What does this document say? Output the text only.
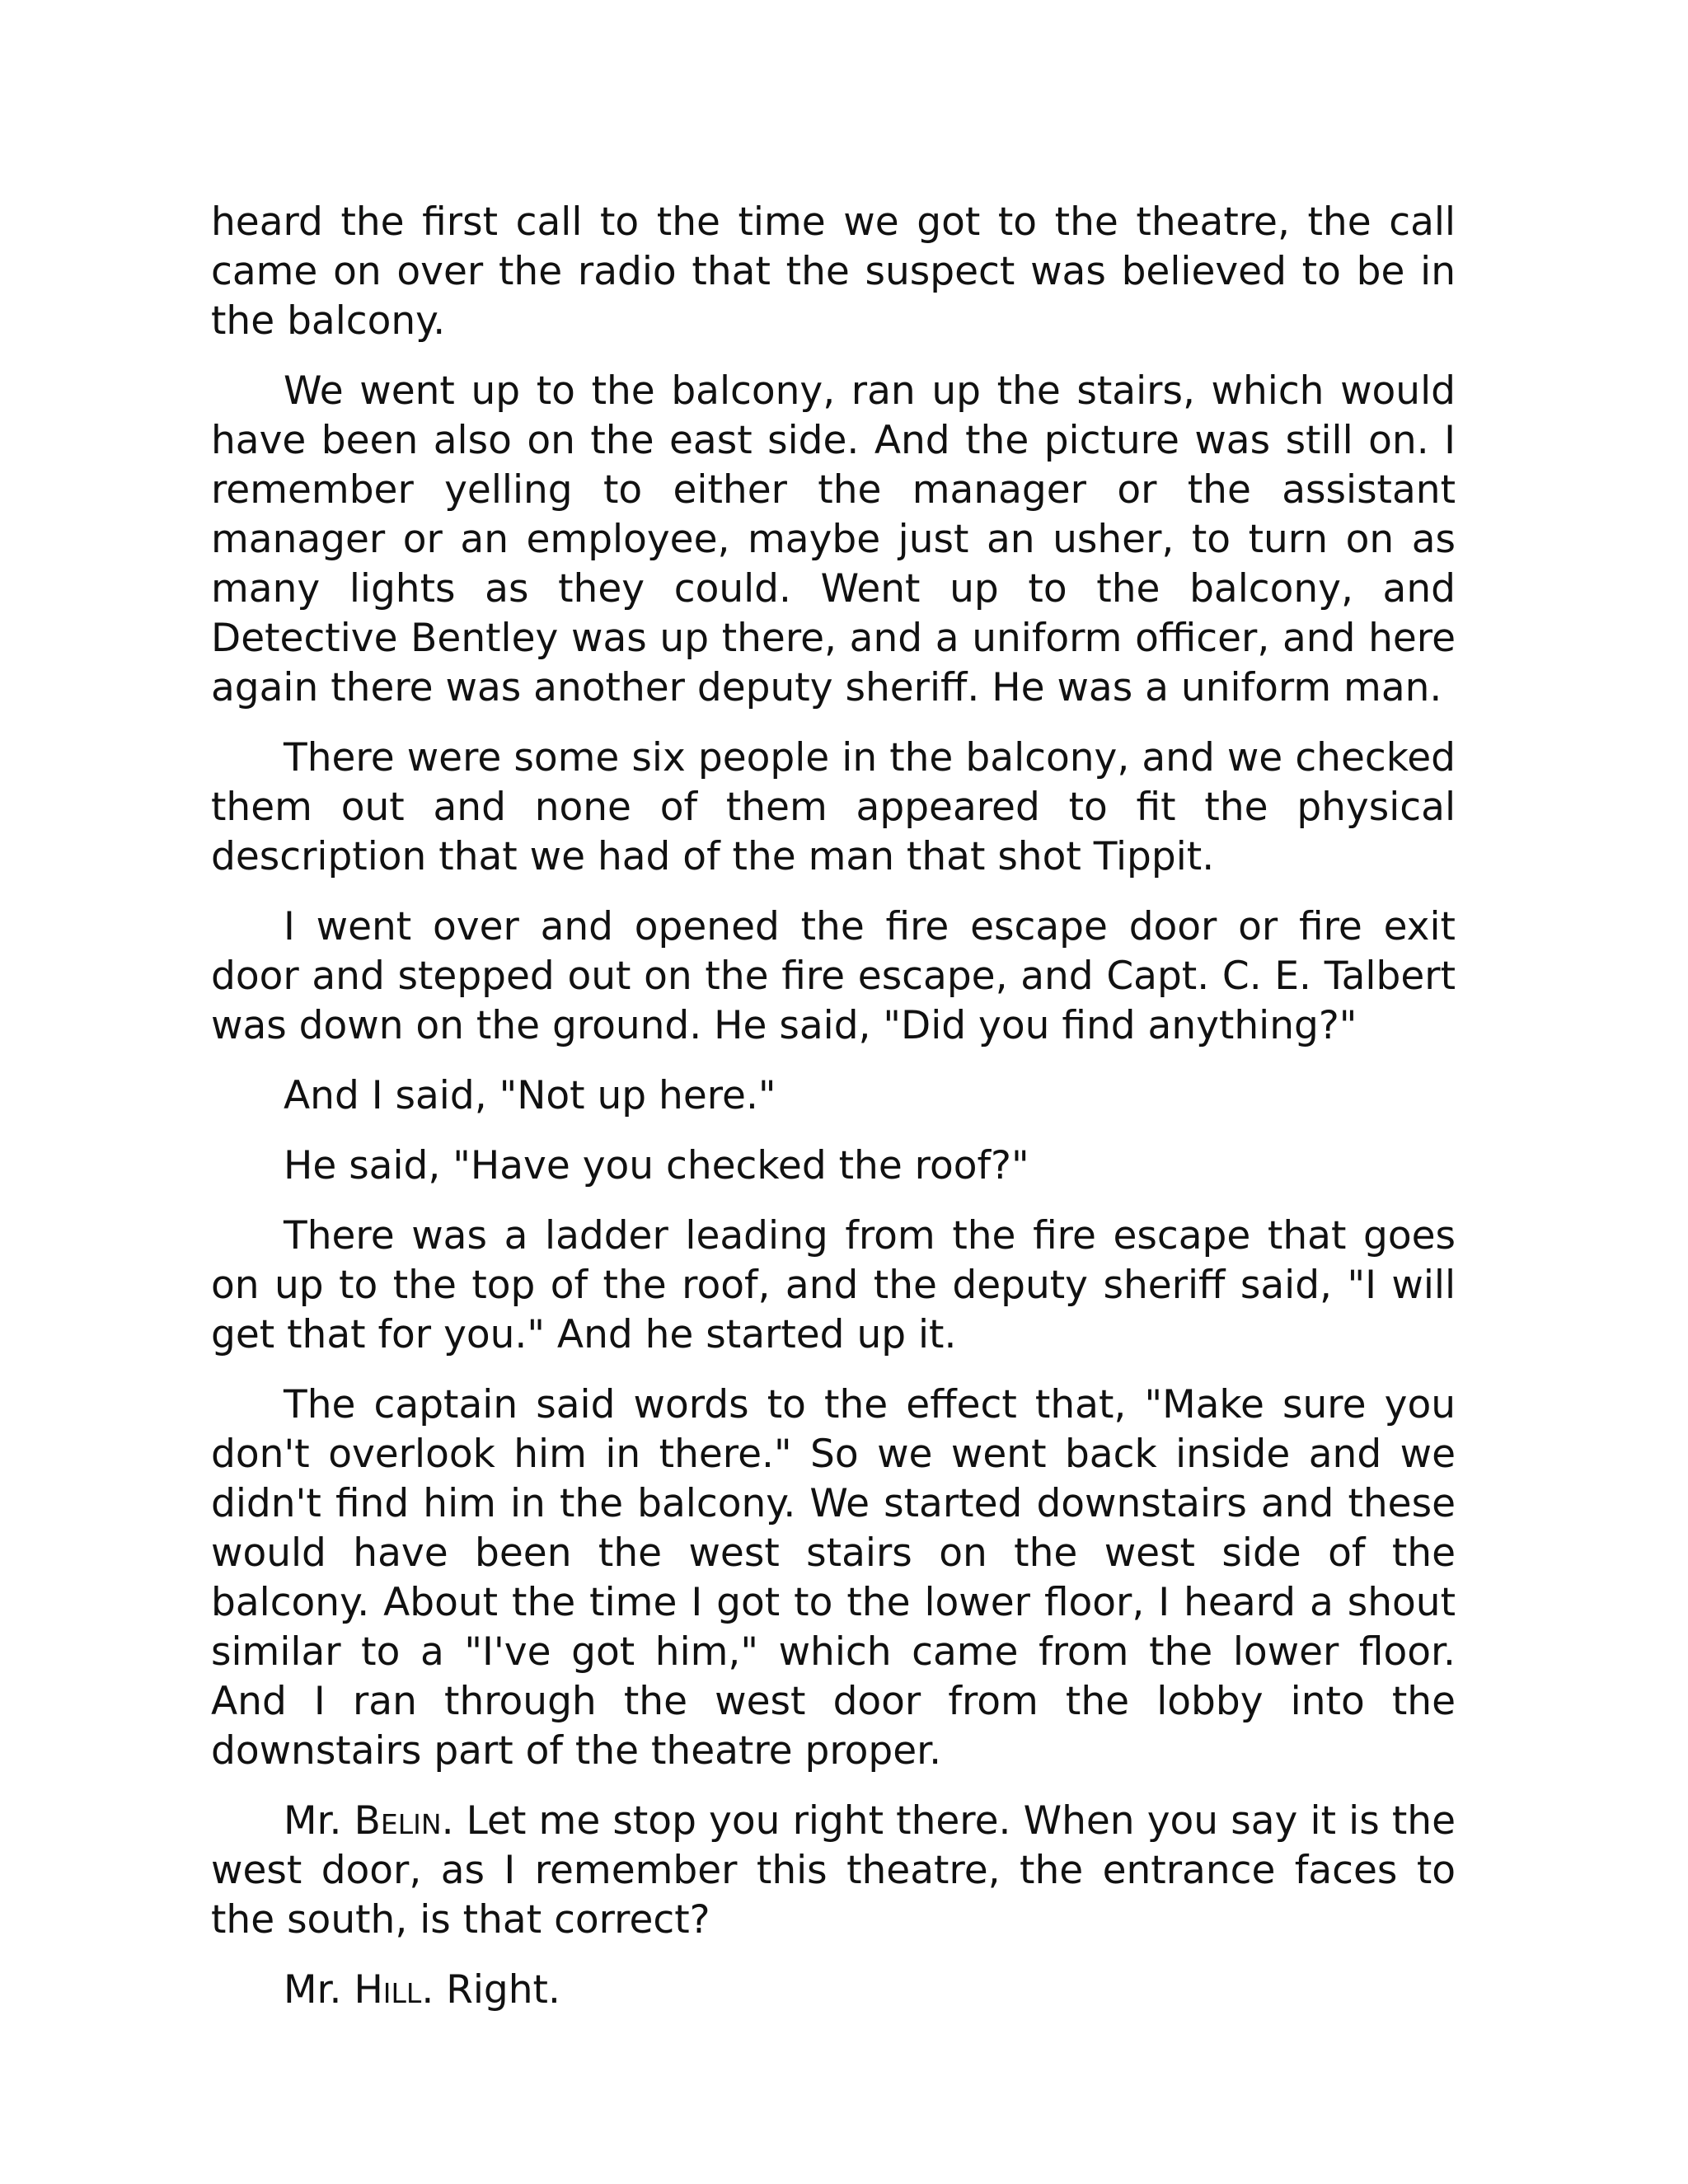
heard the first call to the time we got to the theatre, the call came on over the radio that the suspect was believed to be in the balcony.

We went up to the balcony, ran up the stairs, which would have been also on the east side. And the picture was still on. I remember yelling to either the manager or the assistant manager or an employee, maybe just an usher, to turn on as many lights as they could. Went up to the balcony, and Detective Bentley was up there, and a uniform officer, and here again there was another deputy sheriff. He was a uniform man.

There were some six people in the balcony, and we checked them out and none of them appeared to fit the physical description that we had of the man that shot Tippit.

I went over and opened the fire escape door or fire exit door and stepped out on the fire escape, and Capt. C. E. Talbert was down on the ground. He said, "Did you find anything?"

And I said, "Not up here."

He said, "Have you checked the roof?"

There was a ladder leading from the fire escape that goes on up to the top of the roof, and the deputy sheriff said, "I will get that for you." And he started up it.

The captain said words to the effect that, "Make sure you don't overlook him in there." So we went back inside and we didn't find him in the balcony. We started downstairs and these would have been the west stairs on the west side of the balcony. About the time I got to the lower floor, I heard a shout similar to a "I've got him," which came from the lower floor. And I ran through the west door from the lobby into the downstairs part of the theatre proper.

Mr. Belin. Let me stop you right there. When you say it is the west door, as I remember this theatre, the entrance faces to the south, is that correct?

Mr. Hill. Right.
